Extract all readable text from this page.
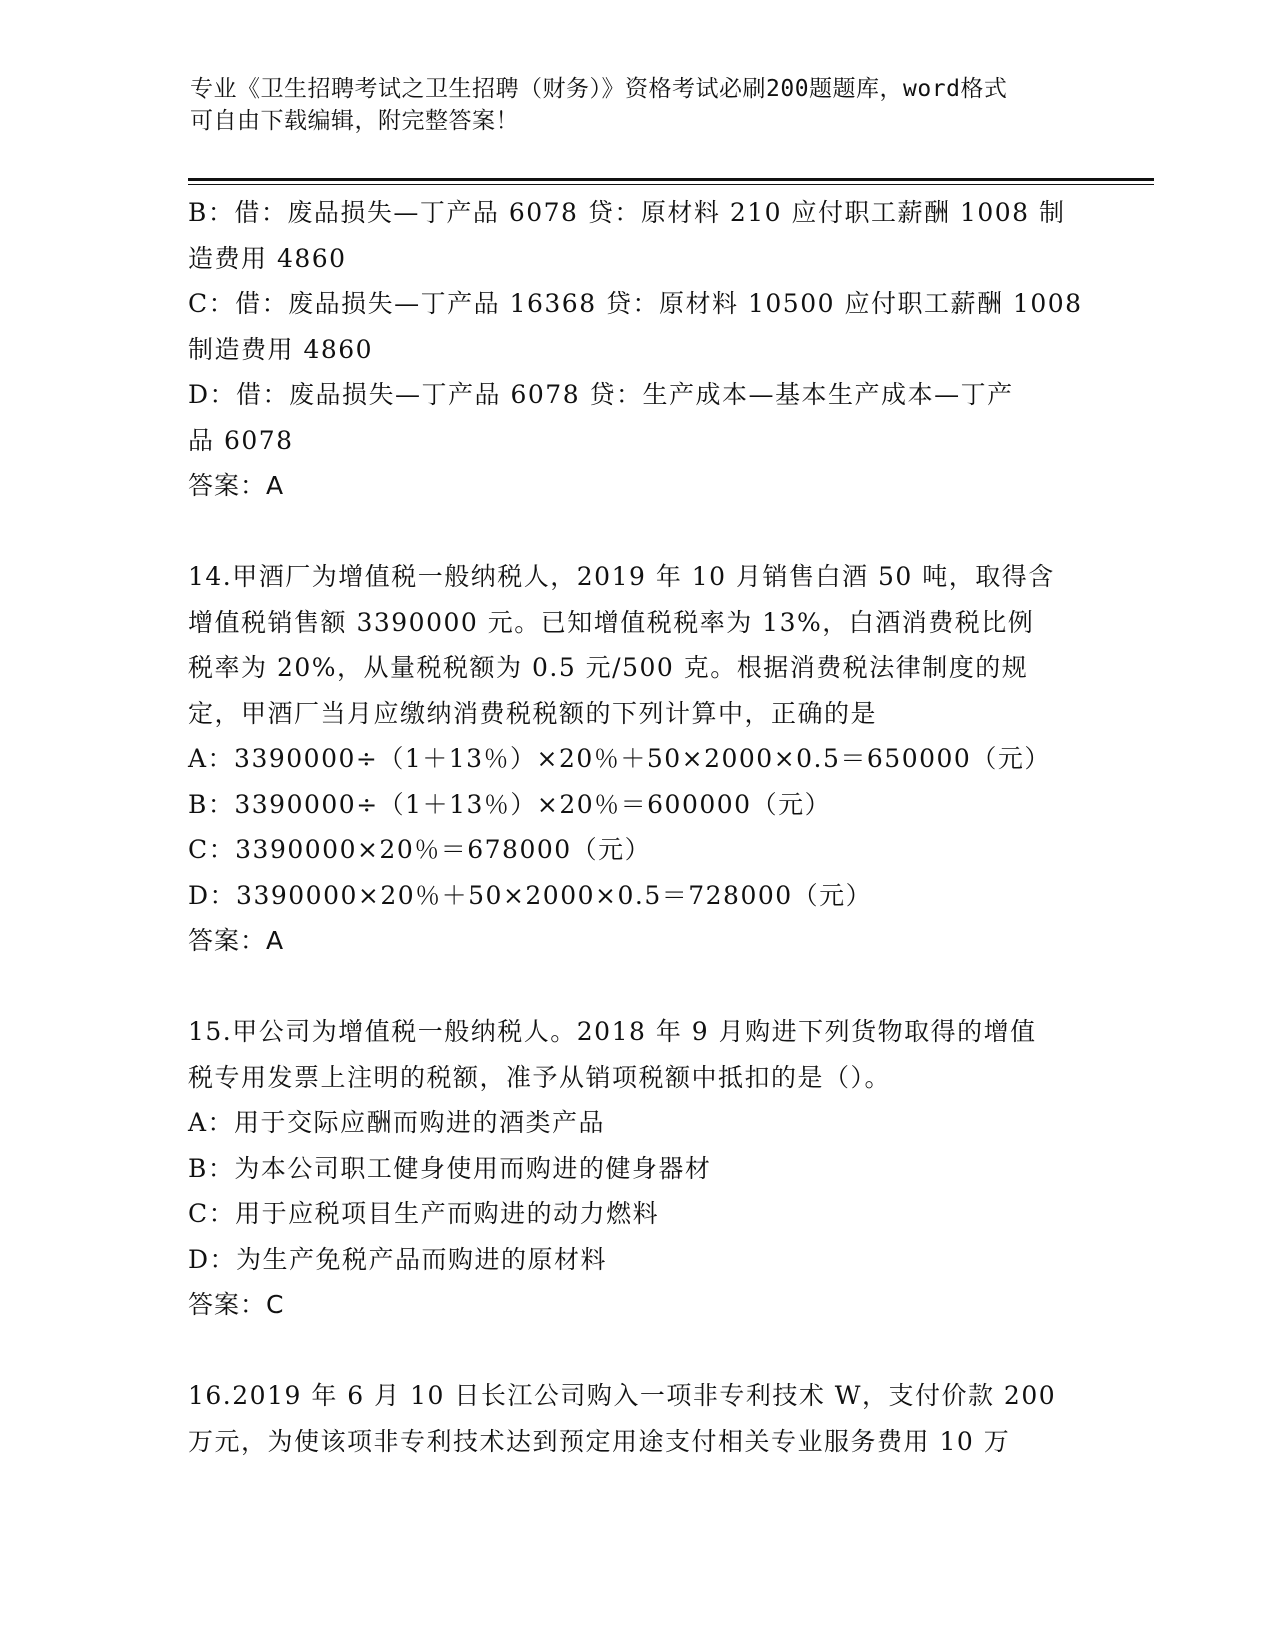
专业《卫生招聘考试之卫生招聘（财务）》资格考试必刷200题题库，word格式
可自由下载编辑，附完整答案！
B：借：废品损失—丁产品 6078 贷：原材料 210 应付职工薪酬 1008 制
造费用 4860
C：借：废品损失—丁产品 16368 贷：原材料 10500 应付职工薪酬 1008
制造费用 4860
D：借：废品损失—丁产品 6078 贷：生产成本—基本生产成本—丁产
品 6078
答案：A
14.甲酒厂为增值税一般纳税人，2019 年 10 月销售白酒 50 吨，取得含
增值税销售额 3390000 元。已知增值税税率为 13%，白酒消费税比例
税率为 20%，从量税税额为 0.5 元/500 克。根据消费税法律制度的规
定，甲酒厂当月应缴纳消费税税额的下列计算中，正确的是
A：3390000÷（1＋13％）×20％＋50×2000×0.5＝650000（元）
B：3390000÷（1＋13％）×20％＝600000（元）
C：3390000×20％＝678000（元）
D：3390000×20％＋50×2000×0.5＝728000（元）
答案：A
15.甲公司为增值税一般纳税人。2018 年 9 月购进下列货物取得的增值
税专用发票上注明的税额，准予从销项税额中抵扣的是（）。
A：用于交际应酬而购进的酒类产品
B：为本公司职工健身使用而购进的健身器材
C：用于应税项目生产而购进的动力燃料
D：为生产免税产品而购进的原材料
答案：C
16.2019 年 6 月 10 日长江公司购入一项非专利技术 W，支付价款 200
万元，为使该项非专利技术达到预定用途支付相关专业服务费用 10 万
